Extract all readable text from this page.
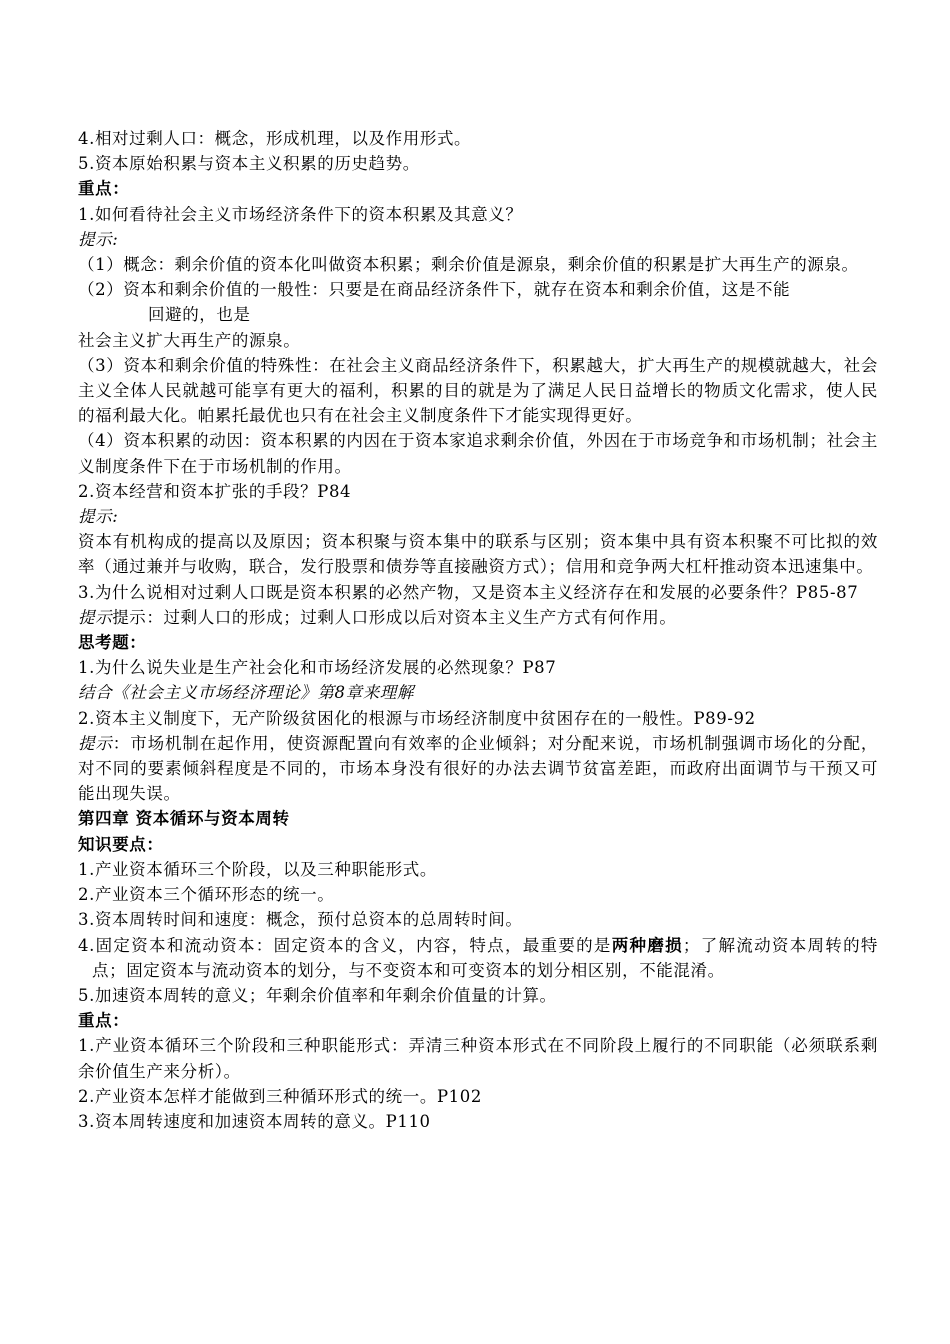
4.相对过剩人口：概念，形成机理，以及作用形式。

5.资本原始积累与资本主义积累的历史趋势。

重点：

1.如何看待社会主义市场经济条件下的资本积累及其意义？

提示:

（1）概念：剩余价值的资本化叫做资本积累；剩余价值是源泉，剩余价值的积累是扩大再生产的源泉。

（2）资本和剩余价值的一般性：只要是在商品经济条件下，就存在资本和剩余价值，这是不能

回避的，也是

社会主义扩大再生产的源泉。

（3）资本和剩余价值的特殊性：在社会主义商品经济条件下，积累越大，扩大再生产的规模就越大，社会主义全体人民就越可能享有更大的福利，积累的目的就是为了满足人民日益增长的物质文化需求，使人民的福利最大化。帕累托最优也只有在社会主义制度条件下才能实现得更好。

（4）资本积累的动因：资本积累的内因在于资本家追求剩余价值，外因在于市场竞争和市场机制；社会主义制度条件下在于市场机制的作用。

2.资本经营和资本扩张的手段？P84

提示:

资本有机构成的提高以及原因；资本积聚与资本集中的联系与区别；资本集中具有资本积聚不可比拟的效率（通过兼并与收购，联合，发行股票和债券等直接融资方式）；信用和竞争两大杠杆推动资本迅速集中。

3.为什么说相对过剩人口既是资本积累的必然产物，又是资本主义经济存在和发展的必要条件？P85-87

提示提示：过剩人口的形成；过剩人口形成以后对资本主义生产方式有何作用。

思考题：

1.为什么说失业是生产社会化和市场经济发展的必然现象？P87

结合《社会主义市场经济理论》第8章来理解

2.资本主义制度下，无产阶级贫困化的根源与市场经济制度中贫困存在的一般性。P89-92

提示：市场机制在起作用，使资源配置向有效率的企业倾斜；对分配来说，市场机制强调市场化的分配，对不同的要素倾斜程度是不同的，市场本身没有很好的办法去调节贫富差距，而政府出面调节与干预又可能出现失误。

第四章 资本循环与资本周转

知识要点：

1.产业资本循环三个阶段，以及三种职能形式。

2.产业资本三个循环形态的统一。

3.资本周转时间和速度：概念，预付总资本的总周转时间。

4.固定资本和流动资本：固定资本的含义，内容，特点，最重要的是两种磨损；了解流动资本周转的特点；固定资本与流动资本的划分，与不变资本和可变资本的划分相区别，不能混淆。

5.加速资本周转的意义；年剩余价值率和年剩余价值量的计算。

重点：

1.产业资本循环三个阶段和三种职能形式：弄清三种资本形式在不同阶段上履行的不同职能（必须联系剩余价值生产来分析）。

2.产业资本怎样才能做到三种循环形式的统一。P102

3.资本周转速度和加速资本周转的意义。P110
